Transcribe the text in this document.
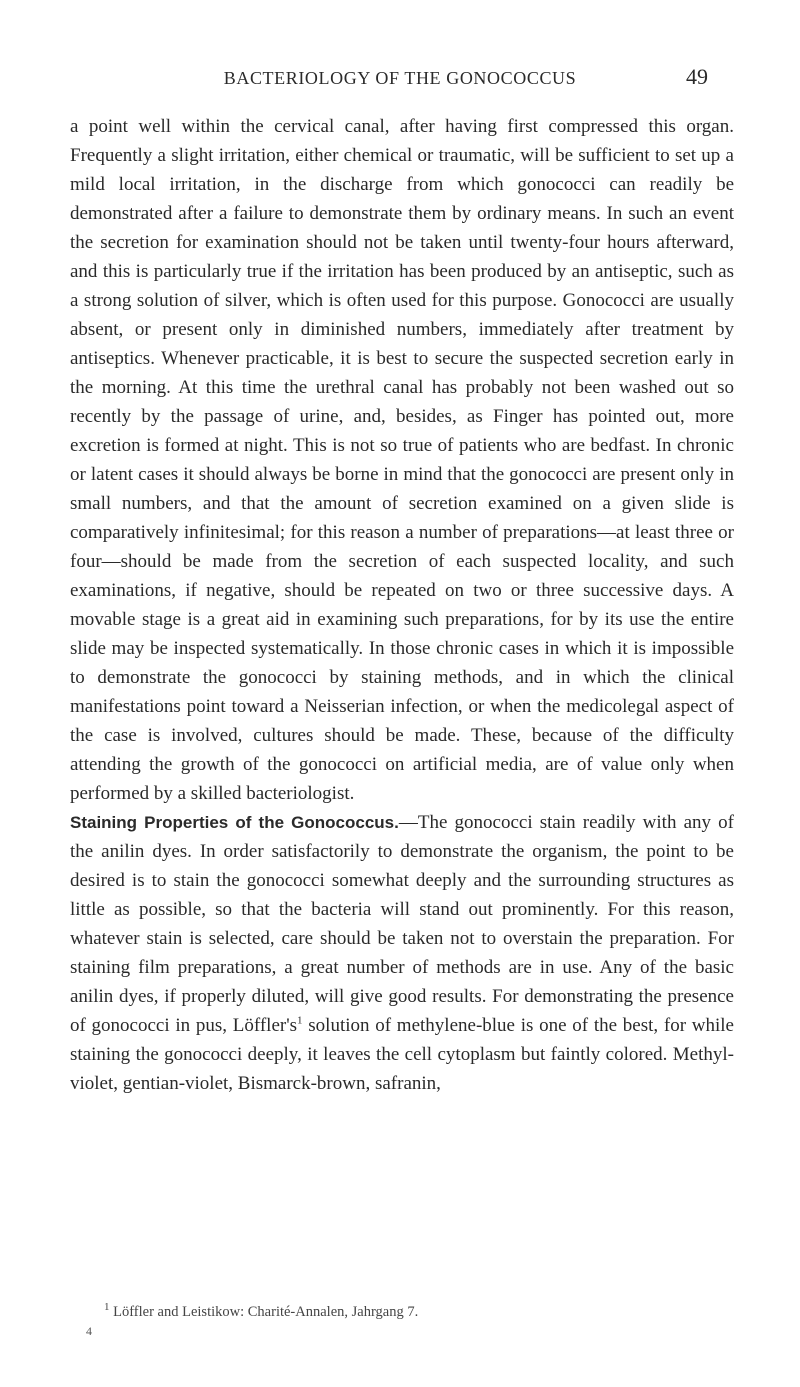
BACTERIOLOGY OF THE GONOCOCCUS	49

a point well within the cervical canal, after having first compressed this organ. Frequently a slight irritation, either chemical or traumatic, will be sufficient to set up a mild local irritation, in the discharge from which gonococci can readily be demonstrated after a failure to demonstrate them by ordinary means. In such an event the secretion for examination should not be taken until twenty-four hours afterward, and this is particularly true if the irritation has been produced by an antiseptic, such as a strong solution of silver, which is often used for this purpose. Gonococci are usually absent, or present only in diminished numbers, immediately after treatment by antiseptics. Whenever practicable, it is best to secure the suspected secretion early in the morning. At this time the urethral canal has probably not been washed out so recently by the passage of urine, and, besides, as Finger has pointed out, more excretion is formed at night. This is not so true of patients who are bedfast. In chronic or latent cases it should always be borne in mind that the gonococci are present only in small numbers, and that the amount of secretion examined on a given slide is comparatively infinitesimal; for this reason a number of preparations—at least three or four—should be made from the secretion of each suspected locality, and such examinations, if negative, should be repeated on two or three successive days. A movable stage is a great aid in examining such preparations, for by its use the entire slide may be inspected systematically. In those chronic cases in which it is impossible to demonstrate the gonococci by staining methods, and in which the clinical manifestations point toward a Neisserian infection, or when the medicolegal aspect of the case is involved, cultures should be made. These, because of the difficulty attending the growth of the gonococci on artificial media, are of value only when performed by a skilled bacteriologist.

Staining Properties of the Gonococcus.—The gonococci stain readily with any of the anilin dyes. In order satisfactorily to demonstrate the organism, the point to be desired is to stain the gonococci somewhat deeply and the surrounding structures as little as possible, so that the bacteria will stand out prominently. For this reason, whatever stain is selected, care should be taken not to overstain the preparation. For staining film preparations, a great number of methods are in use. Any of the basic anilin dyes, if properly diluted, will give good results. For demonstrating the presence of gonococci in pus, $Löffler's^1$ solution of methylene-blue is one of the best, for while staining the gonococci deeply, it leaves the cell cytoplasm but faintly colored. Methyl-violet, gentian-violet, Bismarck-brown, safranin,

$^1$ Löffler and Leistikow: Charité-Annalen, Jahrgang 7.
4
